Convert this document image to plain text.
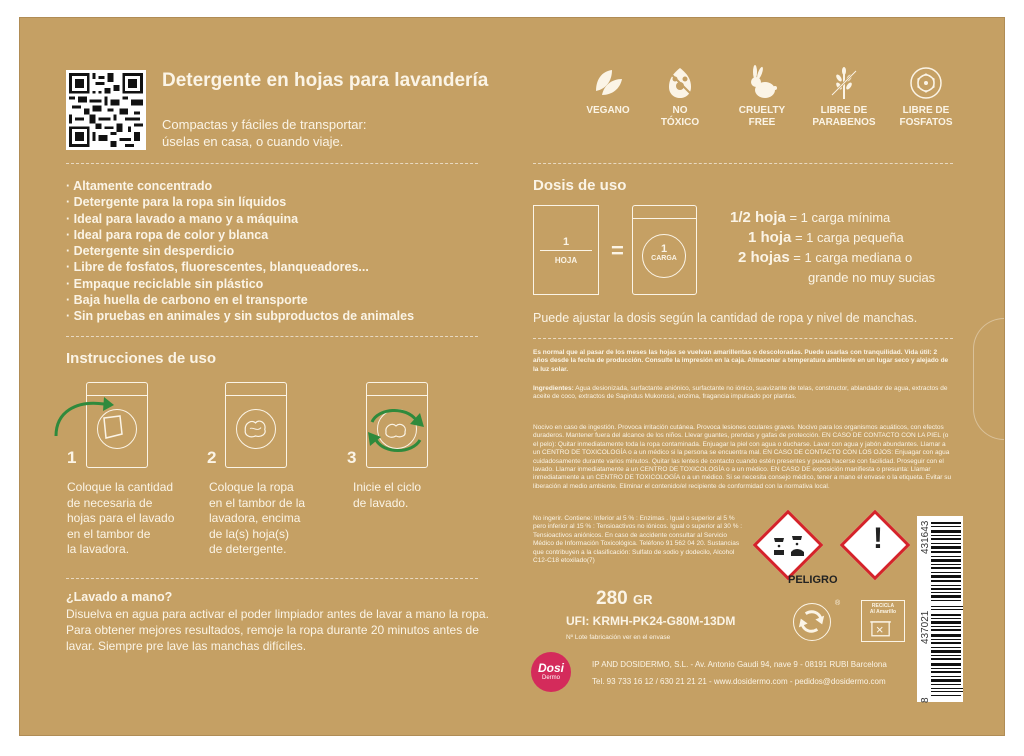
Detergente en hojas para lavandería
Compactas y fáciles de transportar:
úselas en casa, o cuando viaje.
VEGANO	NO
TÓXICO
CRUELTY
FREE
LIBRE DE
PARABENOS
LIBRE DE
FOSFATOS
· Altamente concentrado
· Detergente para la ropa sin líquidos
· Ideal para lavado a mano y a máquina
· Ideal para ropa de color y blanca
· Detergente sin desperdicio
· Libre de fosfatos, fluorescentes, blanqueadores...
· Empaque reciclable sin plástico
· Baja huella de carbono en el transporte
· Sin pruebas en animales y sin subproductos de animales
Dosis de uso
1
HOJA	=	1
CARGA
1/2 hoja = 1 carga mínima
1 hoja = 1 carga pequeña
2 hojas = 1 carga mediana o
grande no muy sucias
Puede ajustar la dosis según la cantidad de ropa y nivel de manchas.
Instrucciones de uso
1
Coloque la cantidad
de necesaria de
hojas para el lavado
en el tambor de
la lavadora.
2
Coloque la ropa
en el tambor de la
lavadora, encima
de la(s) hoja(s)
de detergente.
3
Inicie el ciclo
de lavado.
¿Lavado a mano?
Disuelva en agua para activar el poder limpiador antes de lavar a mano la ropa. Para obtener mejores resultados, remoje la ropa durante 20 minutos antes de lavar. Siempre pre lave las manchas difíciles.
Es normal que al pasar de los meses las hojas se vuelvan amarillentas o descoloradas. Puede usarlas con tranquilidad. Vida útil: 2 años desde la fecha de producción. Consulte la impresión en la caja. Almacenar a temperatura ambiente en un lugar seco y alejado de la luz solar.
Ingredientes: Agua desionizada, surfactante aniónico, surfactante no iónico, suavizante de telas, constructor, ablandador de agua, extractos de aceite de coco, extractos de Sapindus Mukorossi, enzima, fragancia impulsado por plantas.
Nocivo en caso de ingestión. Provoca irritación cutánea. Provoca lesiones oculares graves. Nocivo para los organismos acuáticos, con efectos duraderos. Mantener fuera del alcance de los niños. Llevar guantes, prendas y gafas de protección. EN CASO DE CONTACTO CON LA PIEL (o el pelo): Quitar inmediatamente toda la ropa contaminada. Enjuagar la piel con agua o ducharse. Lavar con agua y jabón abundantes. Llamar a un CENTRO DE TOXICOLOGÍA o a un médico si la persona se encuentra mal. EN CASO DE CONTACTO CON LOS OJOS: Enjuagar con agua cuidadosamente durante varios minutos. Quitar las lentes de contacto cuando estén presentes y pueda hacerse con facilidad. Proseguir con el lavado. Llamar inmediatamente a un CENTRO DE TOXICOLOGÍA o a un médico. EN CASO DE exposición manifiesta o presunta: Llamar inmediatamente a un CENTRO DE TOXICOLOGÍA o a un médico. Si se necesita consejo médico, tener a mano el envase o la etiqueta. Evitar su liberación al medio ambiente. Eliminar el contenido/el recipiente de conformidad con la normativa local.
No ingerir. Contiene: Inferior al 5 % : Enzimas . Igual o superior al 5 % pero inferior al 15 % : Tensioactivos no iónicos. Igual o superior al 30 % : Tensioactivos aniónicos. En caso de accidente consultar al Servicio Médico de Información Toxicológica. Teléfono 91 562 04 20. Sustancias que contribuyen a la clasificación: Sulfato de sodio y dodecilo, Alcohol C12-C18 etoxilado(7)
!
PELIGRO
280 GR
UFI: KRMH-PK24-G80M-13DM
Nº Lote fabricación ver en el envase
®	RECICLA
Al Amarillo
8
437021
431643
Dosi
Dermo
IP AND DOSIDERMO, S.L. - Av. Antonio Gaudi 94, nave 9 - 08191 RUBI Barcelona
Tel. 93 733 16 12 / 630 21 21 21 - www.dosidermo.com - pedidos@dosidermo.com
